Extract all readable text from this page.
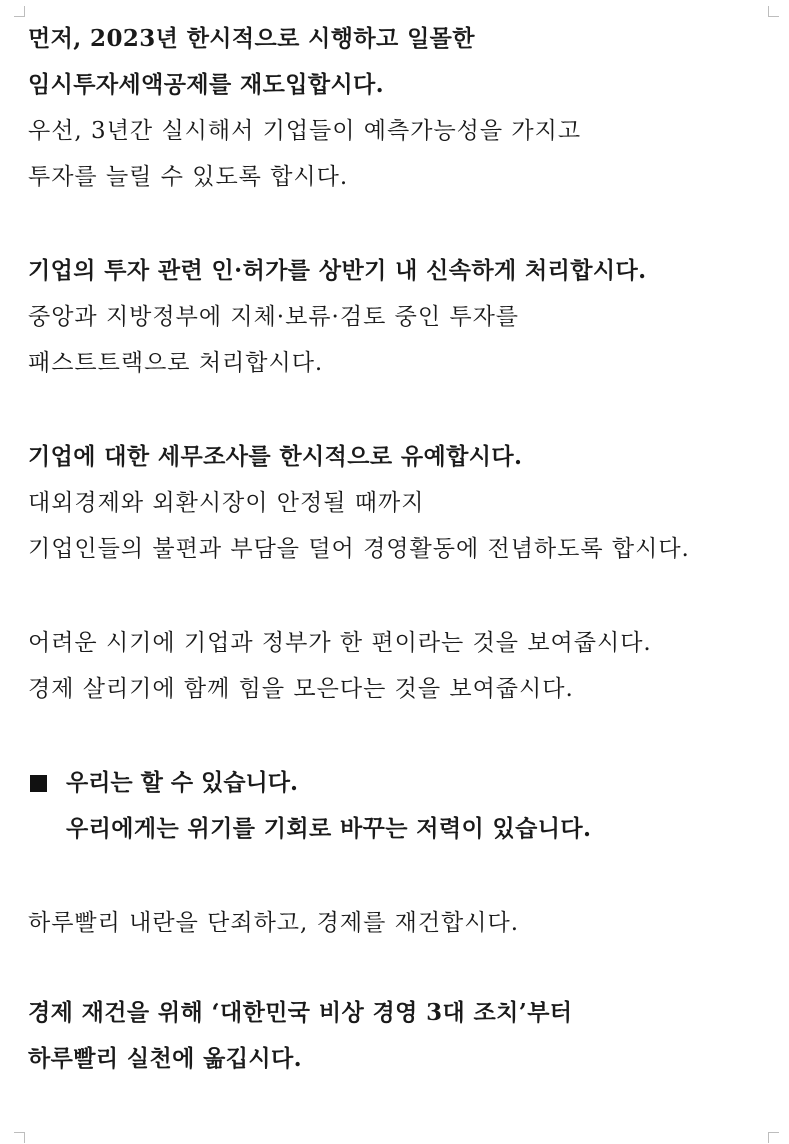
먼저, 2023년 한시적으로 시행하고 일몰한
임시투자세액공제를 재도입합시다.
우선, 3년간 실시해서 기업들이 예측가능성을 가지고
투자를 늘릴 수 있도록 합시다.
기업의 투자 관련 인·허가를 상반기 내 신속하게 처리합시다.
중앙과 지방정부에 지체·보류·검토 중인 투자를
패스트트랙으로 처리합시다.
기업에 대한 세무조사를 한시적으로 유예합시다.
대외경제와 외환시장이 안정될 때까지
기업인들의 불편과 부담을 덜어 경영활동에 전념하도록 합시다.
어려운 시기에 기업과 정부가 한 편이라는 것을 보여줍시다.
경제 살리기에 함께 힘을 모은다는 것을 보여줍시다.
우리는 할 수 있습니다.
우리에게는 위기를 기회로 바꾸는 저력이 있습니다.
하루빨리 내란을 단죄하고, 경제를 재건합시다.
경제 재건을 위해 ‘대한민국 비상 경영 3대 조치’부터
하루빨리 실천에 옮깁시다.
